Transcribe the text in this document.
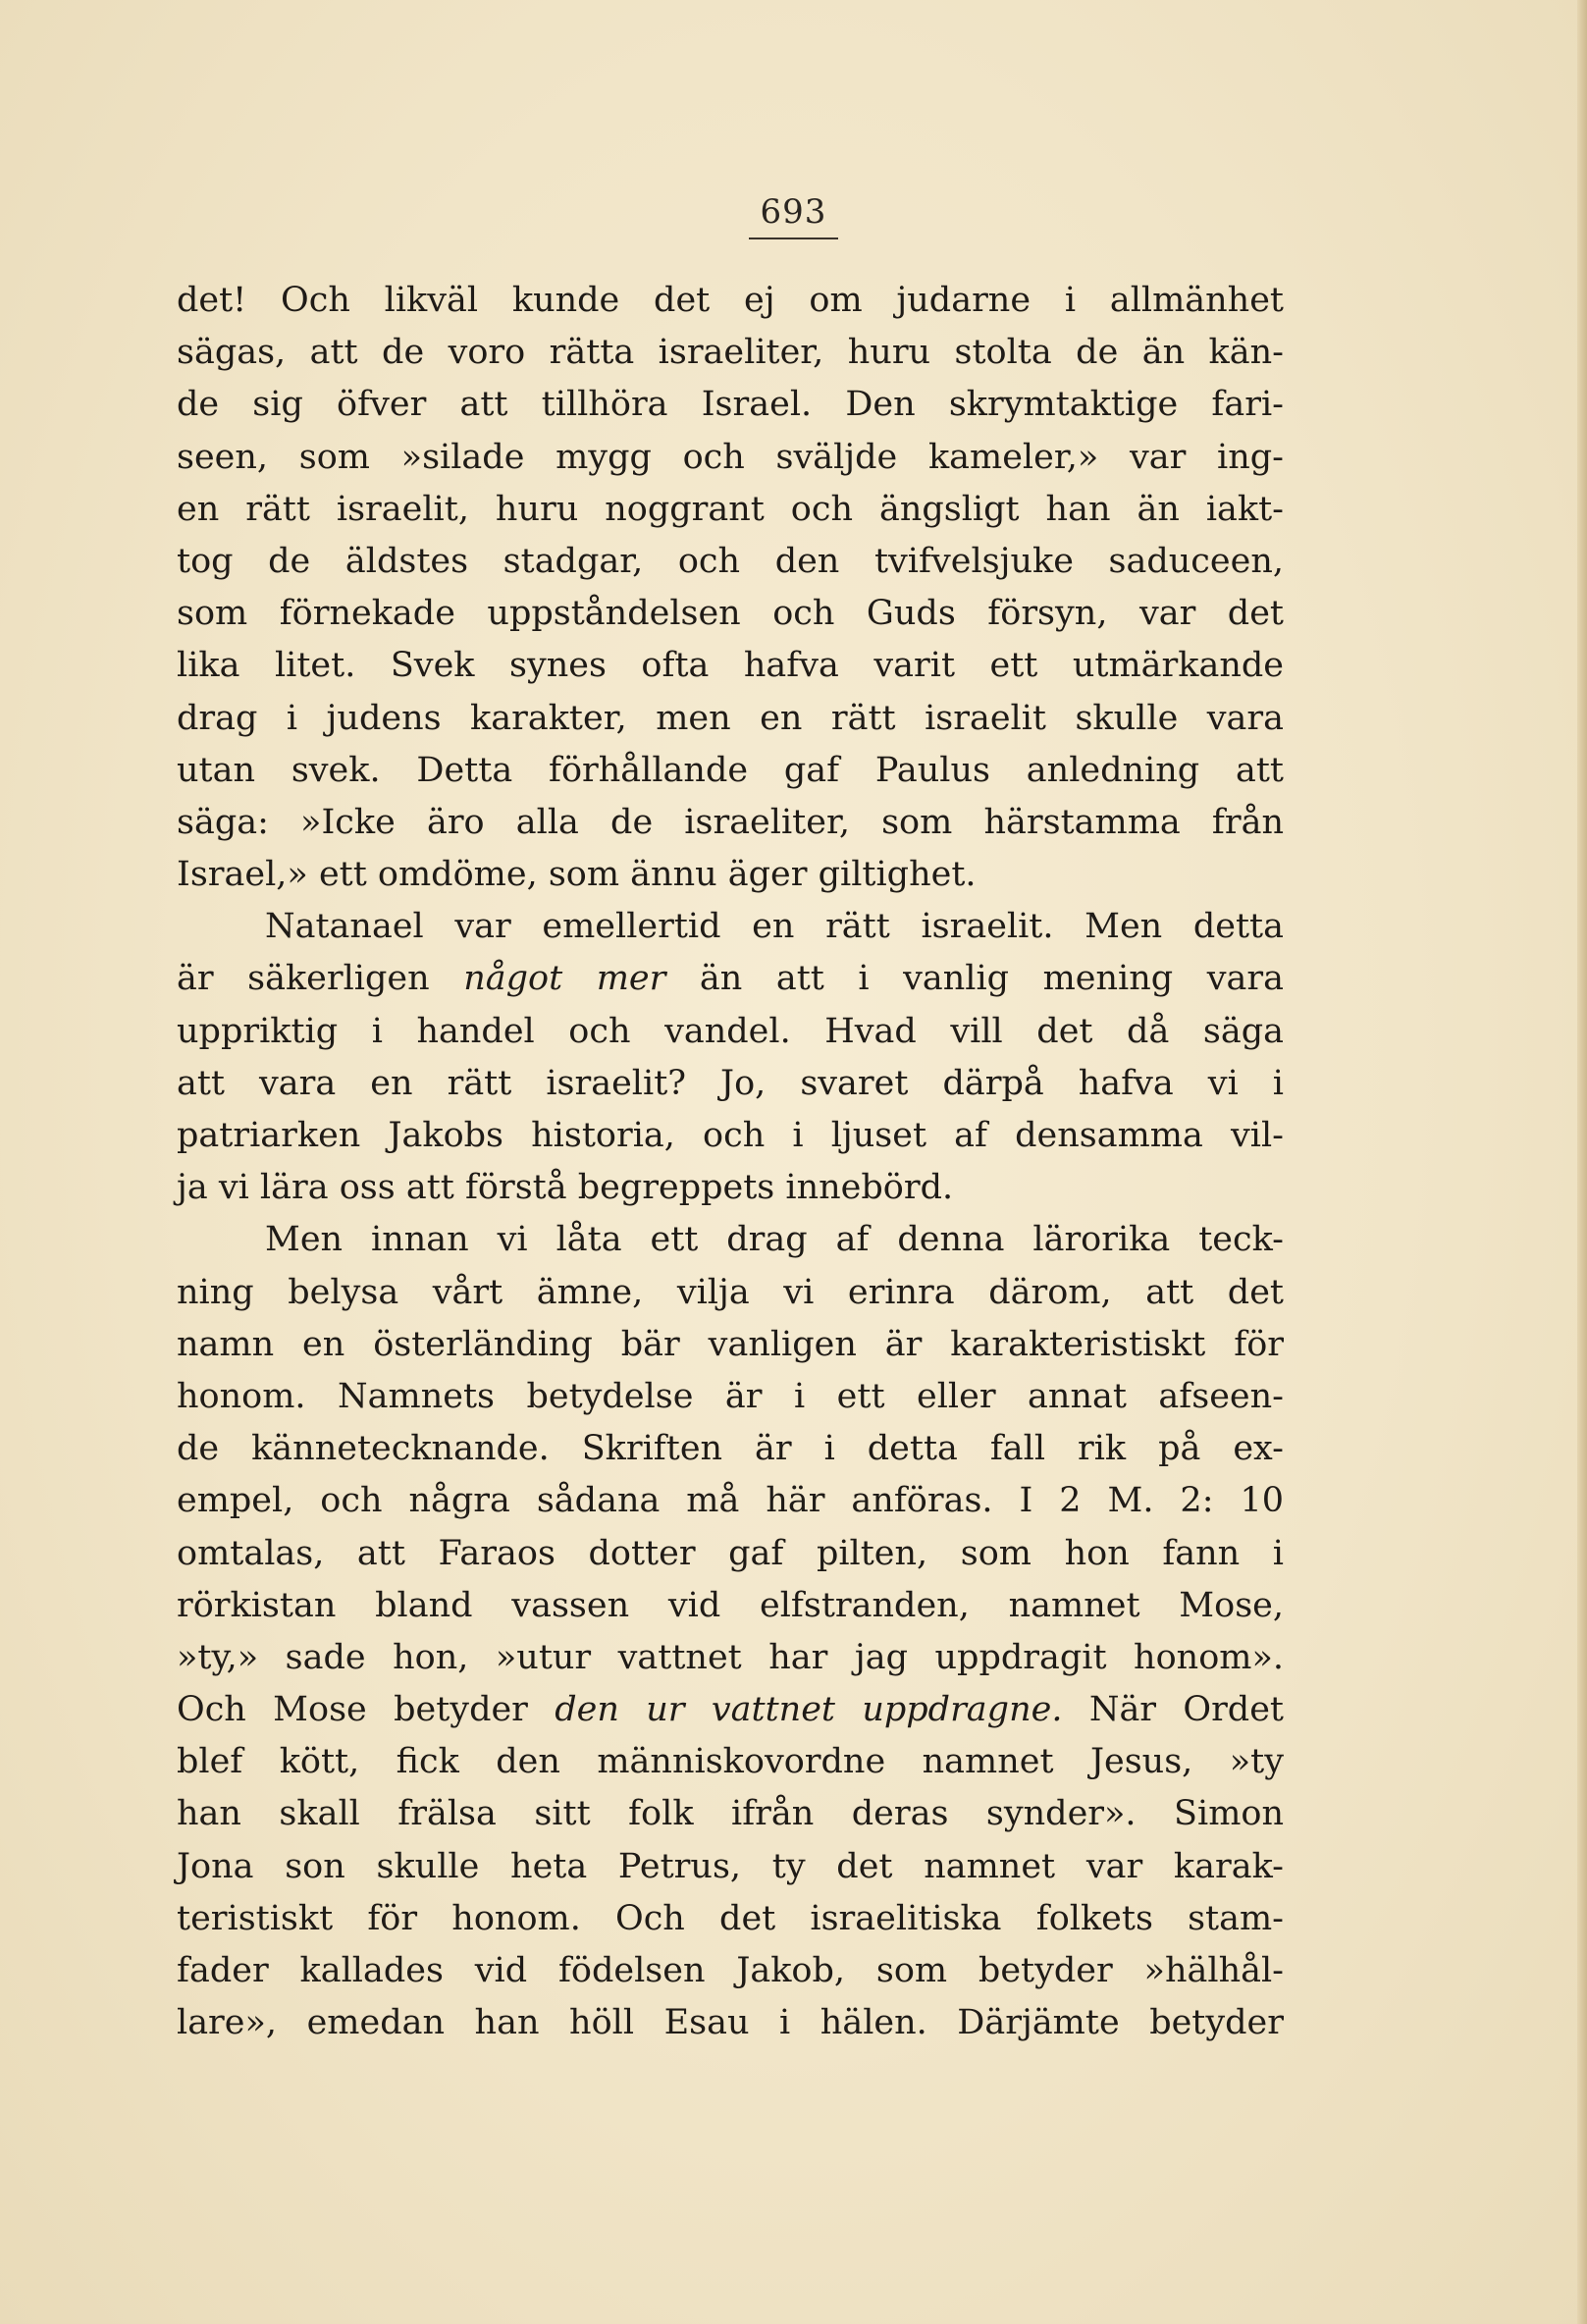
693
det! Och likväl kunde det ej om judarne i allmänhet
sägas, att de voro rätta israeliter, huru stolta de än kän-
de sig öfver att tillhöra Israel. Den skrymtaktige fari-
seen, som »silade mygg och sväljde kameler,» var ing-
en rätt israelit, huru noggrant och ängsligt han än iakt-
tog de äldstes stadgar, och den tvifvelsjuke saduceen,
som förnekade uppståndelsen och Guds försyn, var det
lika litet. Svek synes ofta hafva varit ett utmärkande
drag i judens karakter, men en rätt israelit skulle vara
utan svek. Detta förhållande gaf Paulus anledning att
säga: »Icke äro alla de israeliter, som härstamma från
Israel,» ett omdöme, som ännu äger giltighet.
Natanael var emellertid en rätt israelit. Men detta
är säkerligen något mer än att i vanlig mening vara
uppriktig i handel och vandel. Hvad vill det då säga
att vara en rätt israelit? Jo, svaret därpå hafva vi i
patriarken Jakobs historia, och i ljuset af densamma vil-
ja vi lära oss att förstå begreppets innebörd.
Men innan vi låta ett drag af denna lärorika teck-
ning belysa vårt ämne, vilja vi erinra därom, att det
namn en österländing bär vanligen är karakteristiskt för
honom. Namnets betydelse är i ett eller annat afseen-
de kännetecknande. Skriften är i detta fall rik på ex-
empel, och några sådana må här anföras. I 2 M. 2: 10
omtalas, att Faraos dotter gaf pilten, som hon fann i
rörkistan bland vassen vid elfstranden, namnet Mose,
»ty,» sade hon, »utur vattnet har jag uppdragit honom».
Och Mose betyder den ur vattnet uppdragne. När Ordet
blef kött, fick den människovordne namnet Jesus, »ty
han skall frälsa sitt folk ifrån deras synder». Simon
Jona son skulle heta Petrus, ty det namnet var karak-
teristiskt för honom. Och det israelitiska folkets stam-
fader kallades vid födelsen Jakob, som betyder »hälhål-
lare», emedan han höll Esau i hälen. Därjämte betyder
